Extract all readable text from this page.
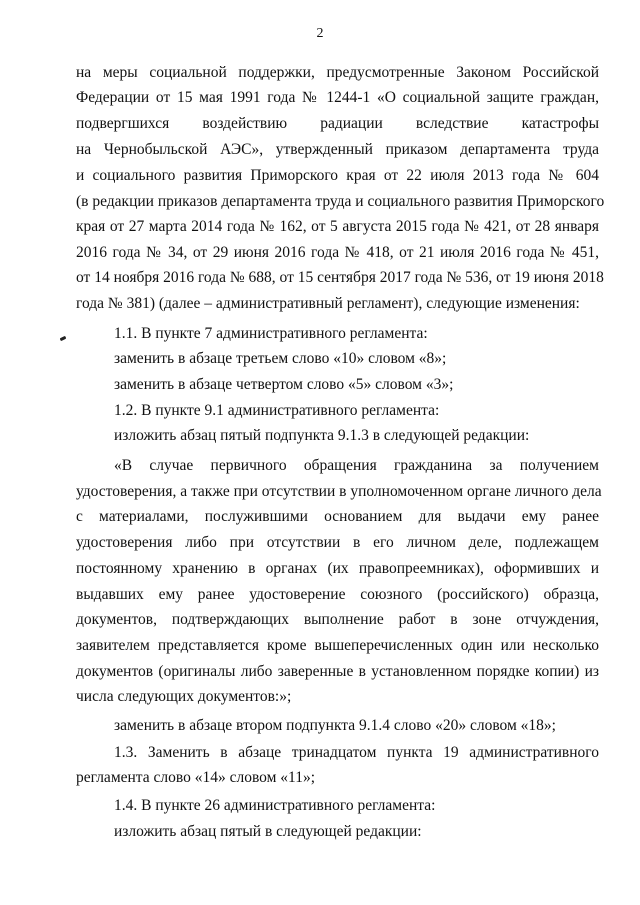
2
на меры социальной поддержки, предусмотренные Законом Российской
Федерации от 15 мая 1991 года № 1244-1 «О социальной защите граждан,
подвергшихся воздействию радиации вследствие катастрофы
на Чернобыльской АЭС», утвержденный приказом департамента труда
и социального развития Приморского края от 22 июля 2013 года № 604
(в редакции приказов департамента труда и социального развития Приморского
края от 27 марта 2014 года № 162, от 5 августа 2015 года № 421, от 28 января
2016 года № 34, от 29 июня 2016 года № 418, от 21 июля 2016 года № 451,
от 14 ноября 2016 года № 688, от 15 сентября 2017 года № 536, от 19 июня 2018
года № 381) (далее – административный регламент), следующие изменения:
1.1. В пункте 7 административного регламента:
заменить в абзаце третьем слово «10» словом «8»;
заменить в абзаце четвертом слово «5» словом «3»;
1.2. В пункте 9.1 административного регламента:
изложить абзац пятый подпункта 9.1.3 в следующей редакции:
«В случае первичного обращения гражданина за получением
удостоверения, а также при отсутствии в уполномоченном органе личного дела
с материалами, послужившими основанием для выдачи ему ранее
удостоверения либо при отсутствии в его личном деле, подлежащем
постоянному хранению в органах (их правопреемниках), оформивших и
выдавших ему ранее удостоверение союзного (российского) образца,
документов, подтверждающих выполнение работ в зоне отчуждения,
заявителем представляется кроме вышеперечисленных один или несколько
документов (оригиналы либо заверенные в установленном порядке копии) из
числа следующих документов:»;
заменить в абзаце втором подпункта 9.1.4 слово «20» словом «18»;
1.3. Заменить в абзаце тринадцатом пункта 19 административного
регламента слово «14» словом «11»;
1.4. В пункте 26 административного регламента:
изложить абзац пятый в следующей редакции:
